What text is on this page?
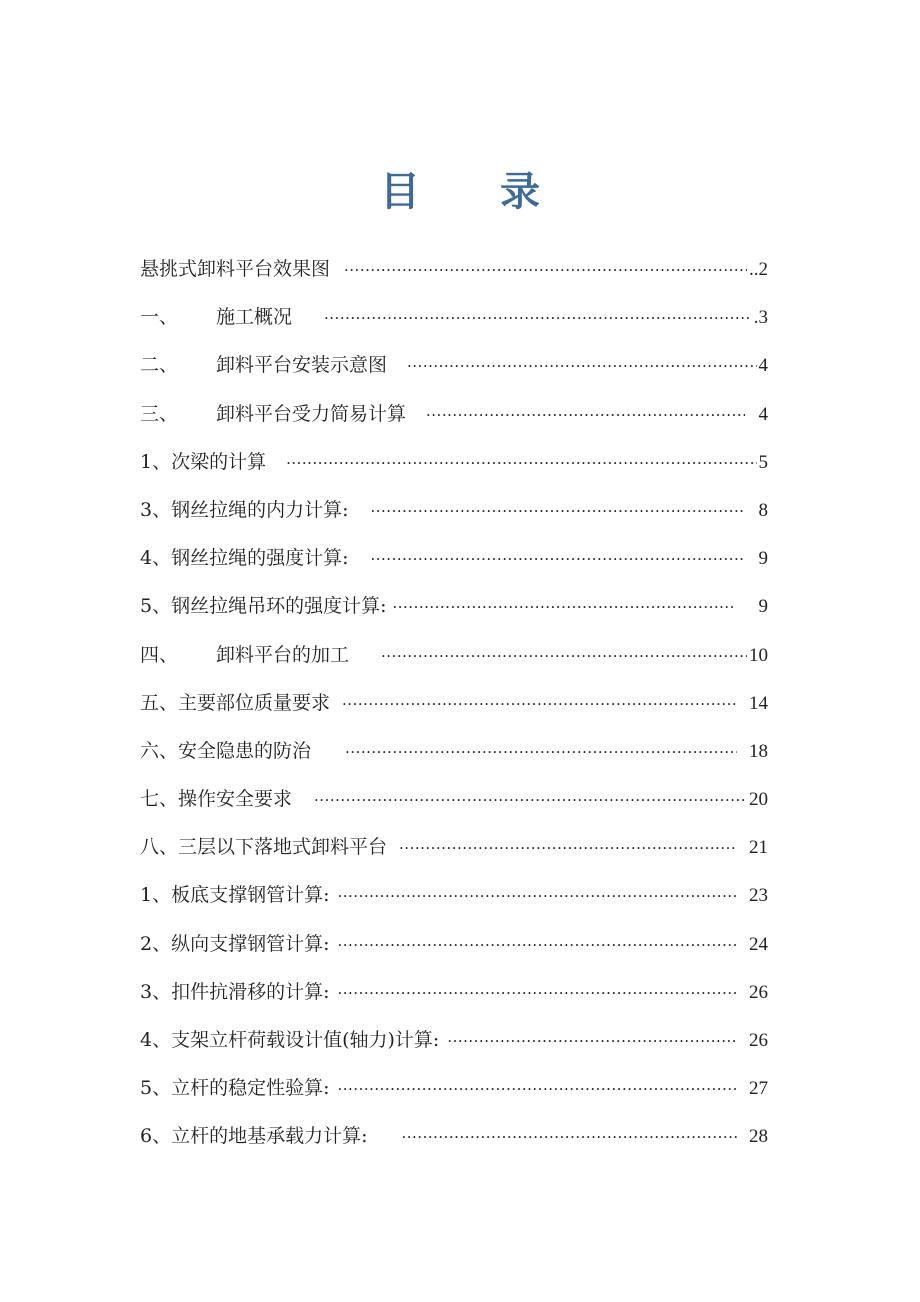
目 录
悬挑式卸料平台效果图 ·····	..2
一、	施工概况 ·····	.3
二、	卸料平台安装示意图 ·····	4
三、	卸料平台受力简易计算 ·····	4
1、 次梁的计算 ·····	5
3、 钢丝拉绳的内力计算: ·····	8
4、 钢丝拉绳的强度计算: ·····	9
5、 钢丝拉绳吊环的强度计算: ·····	9
四、	卸料平台的加工 ·····	10
五、 主要部位质量要求 ·····	14
六、 安全隐患的防治 ·····	18
七、 操作安全要求 ·····	20
八、 三层以下落地式卸料平台 ·····	21
1、 板底支撑钢管计算: ·····	23
2、 纵向支撑钢管计算: ·····	24
3、 扣件抗滑移的计算: ·····	26
4、 支架立杆荷载设计值(轴力)计算: ·····	26
5、 立杆的稳定性验算: ·····	27
6、 立杆的地基承载力计算: ·····	28
